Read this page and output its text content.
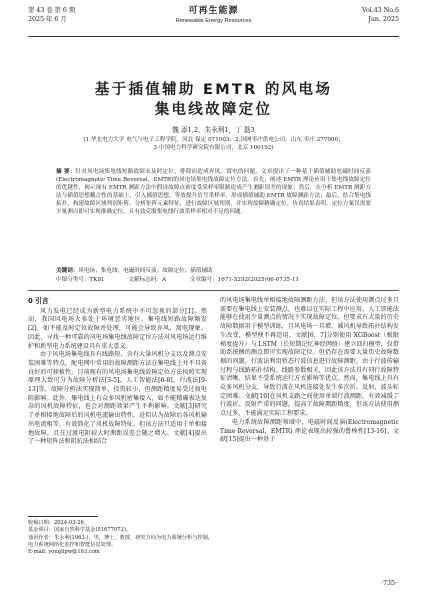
第 43 卷 第 6 期
2025 年 6 月
可再生能源
Renewable Energy Resources
Vol.43 No.6
Jun. 2025
基于插值辅助 EMTR 的风电场
集电线故障定位
魏 添1,2，朱永利1，丁 磊3
(1.华北电力大学 电气与电子工程学院，河北 保定 071003；2.国网枣庄供电公司，山东 枣庄 277000；
3.中国电力科学研究院有限公司，北京 100192)
摘 要：针对风电场集电线短路故障未及时定位，排除而造成弃风、窝电的问题，文章提出了一种基于插值辅助电磁时间反演(Electromagnetic Time Reversal，EMTR)的风电场集电线故障定位方法。首先，阐述 EMTR 理论应用于集电线故障定位的优越性，揭示现有 EMTR 测距方法中假设故障点密度受采样率限制造成产生测距误差的现象；然后，在分析 EMTR 测距方法与插值思想耦合性的基础上，引入插值思想，等效提升信号采样率，形成插值辅助 EMTR 故障测距方法；最后，结合集电线拓扑，构建故障区域判别矩阵，分析矩阵元素特征，进行故障区域判别，并实现故障精确定位。仿真结果表明，定位方案仅需要少量测点即可实现准确定位，且有效克服集电线行波采样率相对不足的问题。
关键词：风电场；集电线；电磁时间反演；故障定位；插值辅助
中图分类号：TK81	文献标志码：A	文章编号：1671-5292(2025)06-0735-11
0 引言

风力发电已经成为新型电力系统中不可忽视的部分[1]。然而，我国风电场大多处于环境恶劣地区，集电线短路故障频发[2]，如不能及时定位故障并处理，可能会导致弃风、窝电现象。因此，寻找一种可靠的风电场集电线故障定位方法对风电场运行维护和新型电力系统建设具有重大意义。

由于风电场集电线具有线路短、含有大量风机分支以及测点安装困难等特点，配电网中常用的故障测距方法在集电线上并不具备良好的可移植性。目前现有的风电场集电线故障定位方法按照实现原理大致可分为故障分析法[3-5]、人工智能法[6-8]、行波法[9-13]等。故障分析法实现简单、投资较小，但测距精度易受过渡电阻影响。此外，集电线上有众多风机密集接入，如不能精确表达复杂的风机故障特征，也会对测距效果产生不利影响。文献[3]研究了单相接地故障后的风机电流输出特性，近似认为故障后各风机输出电流相等，有效简化了风机故障特征。但该方法只适用于单相接地故障，且在过渡电阻较大时测距误差会随之增大。文献[4]提出了一种矩阵法和阻抗法相结合

的风电场集电线单相接地故障测距方法，但该方法使用测点过多且需要在集电线上安装测点，也难以在实际工程中应用。人工智能法能够在使用少量测点的情况下实现故障定位。但要求有大量的历史故障数据用于模型训练，且风电场一旦增、减风机导致拓扑结构发生改变，模型便不再适用。文献[6，7]分别使用 XGBoost（极限梯度提升）与 LSTM（长短期记忆神经网络）建立回归模型，仅借助系统侧的测点即可实现故障定位。但仍存在需要大量历史故障数据的问题。行波法利用暂态行波信息进行故障测距，由于行波传输过程与线路拓扑结构、线路参数相关，因此该方法具有同行故障特征清晰、结果不受系统运行方式影响等优点。然而，集电线上具有众多风机分支，导致行波在风机连接处发生多次折、反射，波头标定困难。文献[10]在风机支路之间使用单端行波测距，有效减缓了行波折、反射严重的问题，提高了故障测距精度，但该方法使用测点过多，不能满足实际工程要求。

电力系统故障测距领域中，电磁时间反演(Electromagnetic Time Reversal，EMTR) 理论表现出较强的鲁棒性[13-16]。文献[15]提出一种基于

收稿日期：2024-03-26。
基金项目：国家自然科学基金(51677072)。
通讯作者：朱永利(1963-)，男，博士，教授，研究方向为电力系统分析与控制，电力系统网络化监控和智能信息处理。
E-mail: yonglipw@163.com
·735·
